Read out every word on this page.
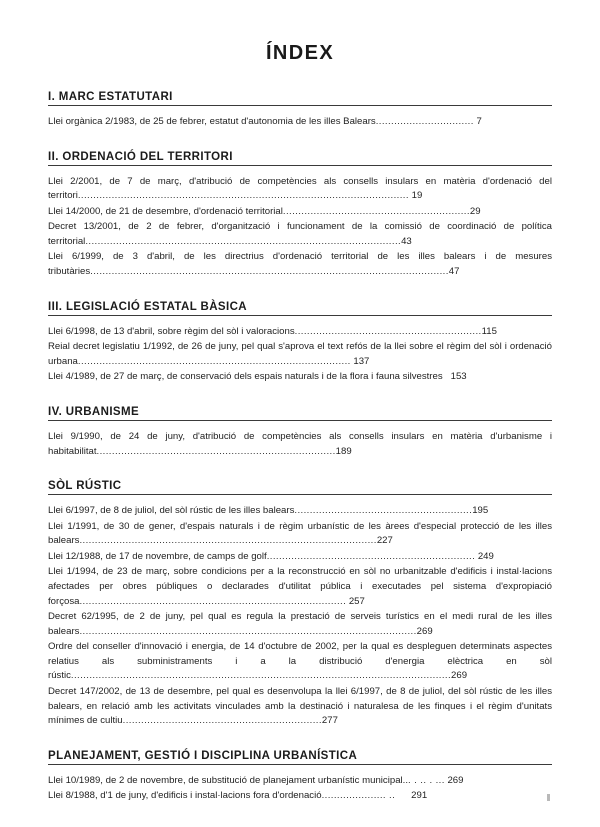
ÍNDEX
I. MARC ESTATUTARI

Llei orgànica 2/1983, de 25 de febrer, estatut d'autonomia de les illes Balears................................ 7

II. ORDENACIÓ DEL TERRITORI

Llei 2/2001, de 7 de març, d'atribució de competències als consells insulars en matèria d'ordenació del territori............................................................................................................ 19

Llei 14/2000, de 21 de desembre, d'ordenació territorial.............................................................29

Decret 13/2001, de 2 de febrer, d'organització i funcionament de la comissió de coordinació de política territorial.......................................................................................................43

Llei 6/1999, de 3 d'abril, de les directrius d'ordenació territorial de les illes balears i de mesures tributàries.....................................................................................................................47

III. LEGISLACIÓ ESTATAL BÀSICA

Llei 6/1998, de 13 d'abril, sobre règim del sòl i valoracions.............................................................115

Reial decret legislatiu 1/1992, de 26 de juny, pel qual s'aprova el text refós de la llei sobre el règim del sòl i ordenació urbana......................................................................................... 137

Llei 4/1989, de 27 de març, de conservació dels espais naturals i de la flora i fauna silvestres 153

IV. URBANISME

Llei 9/1990, de 24 de juny, d'atribució de competències als consells insulars en matèria d'urbanisme i habitabilitat..............................................................................189

SÒL RÚSTIC

Llei 6/1997, de 8 de juliol, del sòl rústic de les illes balears..........................................................195

Llei 1/1991, de 30 de gener, d'espais naturals i de règim urbanístic de les àrees d'especial protecció de les illes balears.................................................................................................227

Llei 12/1988, de 17 de novembre, de camps de golf.................................................................... 249

Llei 1/1994, de 23 de març, sobre condicions per a la reconstrucció en sòl no urbanitzable d'edificis i instal·lacions afectades per obres públiques o declarades d'utilitat pública i executades pel sistema d'expropiació forçosa....................................................................................... 257

Decret 62/1995, de 2 de juny, pel qual es regula la prestació de serveis turístics en el medi rural de les illes balears..............................................................................................................269

Ordre del conseller d'innovació i energia, de 14 d'octubre de 2002, per la qual es despleguen determinats aspectes relatius als subministraments i a la distribució d'energia elèctrica en sòl rústic............................................................................................................................269

Decret 147/2002, de 13 de desembre, pel qual es desenvolupa la llei 6/1997, de 8 de juliol, del sòl rústic de les illes balears, en relació amb les activitats vinculades amb la destinació i naturalesa de les finques i el règim d'unitats mínimes de cultiu.................................................................277

PLANEJAMENT, GESTIÓ I DISCIPLINA URBANÍSTICA

Llei 10/1989, de 2 de novembre, de substitució de planejament urbanístic municipal... . .. . ... 269

Llei 8/1988, d'1 de juny, d'edificis i instal·lacions fora d'ordenació..................... .. 291
